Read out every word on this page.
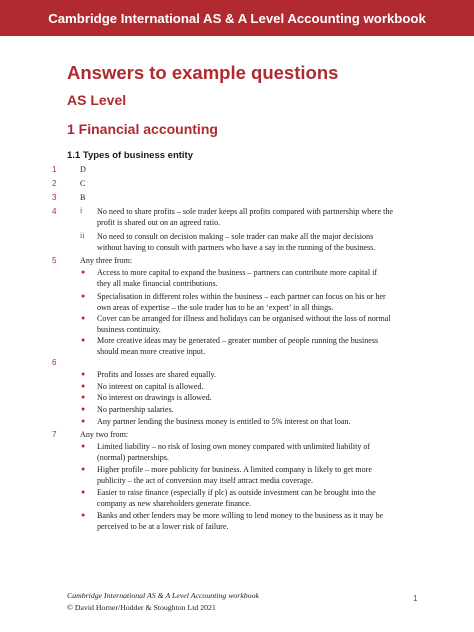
Cambridge International AS & A Level Accounting workbook
Answers to example questions
AS Level
1 Financial accounting
1.1 Types of business entity
1	D
2	C
3	B
4	i No need to share profits – sole trader keeps all profits compared with partnership where the
profit is shared out on an agreed ratio.
ii No need to consult on decision making – sole trader can make all the major decisions
without having to consult with partners who have a say in the running of the business.
5	Any three from:
● Access to more capital to expand the business – partners can contribute more capital if
they all make financial contributions.
● Specialisation in different roles within the business – each partner can focus on his or her
own areas of expertise – the sole trader has to be an ‘expert’ in all things.
● Cover can be arranged for illness and holidays can be organised without the loss of normal
business continuity.
● More creative ideas may be generated – greater number of people running the business
should mean more creative input.
6
● Profits and losses are shared equally.
● No interest on capital is allowed.
● No interest on drawings is allowed.
● No partnership salaries.
● Any partner lending the business money is entitled to 5% interest on that loan.
7	Any two from:
● Limited liability – no risk of losing own money compared with unlimited liability of
(normal) partnerships.
● Higher profile – more publicity for business. A limited company is likely to get more
publicity – the act of conversion may itself attract media coverage.
● Easier to raise finance (especially if plc) as outside investment can be brought into the
company as new shareholders generate finance.
● Banks and other lenders may be more willing to lend money to the business as it may be
perceived to be at a lower risk of failure.
Cambridge International AS & A Level Accounting workbook
© David Horner/Hodder & Stoughton Ltd 2021
1
